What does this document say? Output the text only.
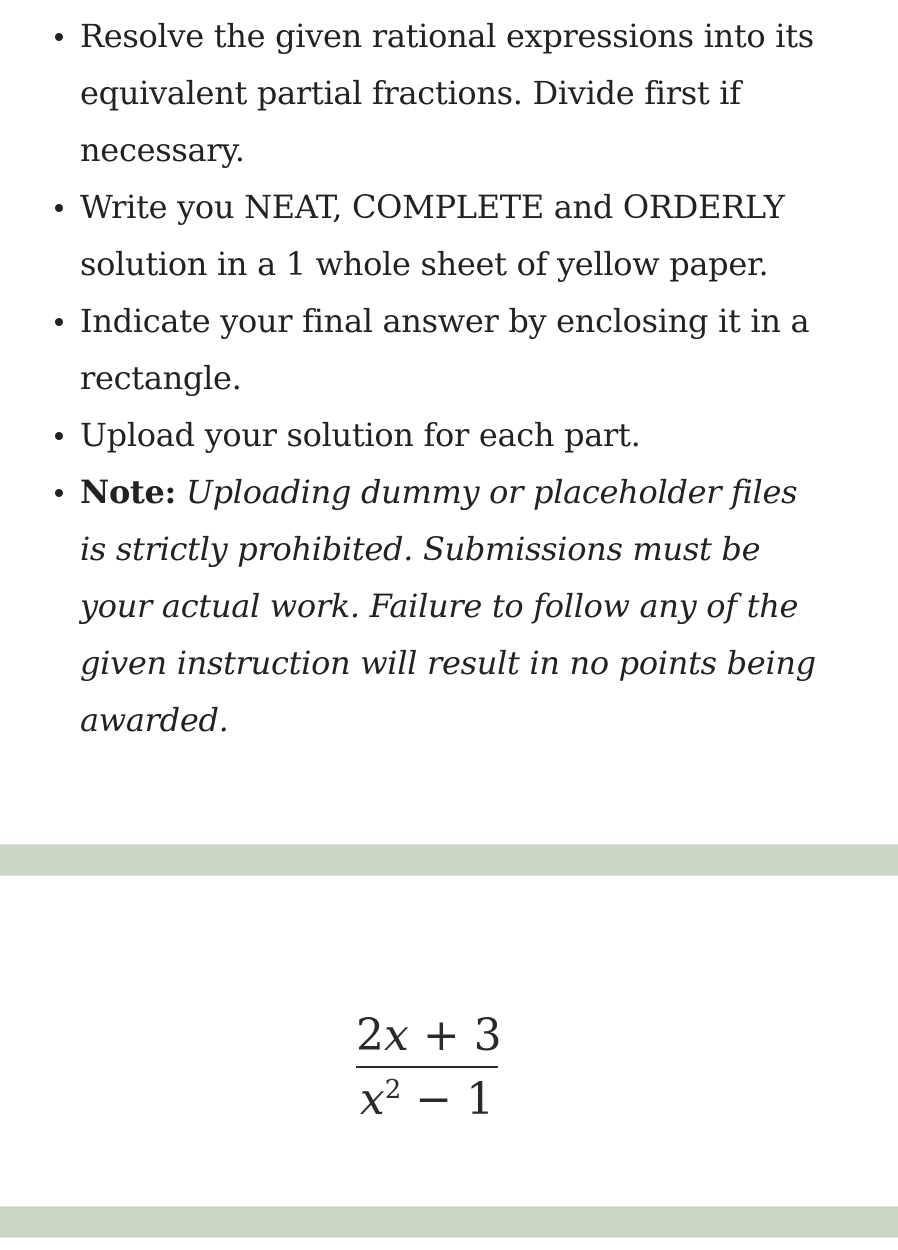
Resolve the given rational expressions into its equivalent partial fractions. Divide first if necessary.
Write you NEAT, COMPLETE and ORDERLY solution in a 1 whole sheet of yellow paper.
Indicate your final answer by enclosing it in a rectangle.
Upload your solution for each part.
Note: Uploading dummy or placeholder files is strictly prohibited. Submissions must be your actual work. Failure to follow any of the given instruction will result in no points being awarded.
2x + 3
$x^2 - 1$
